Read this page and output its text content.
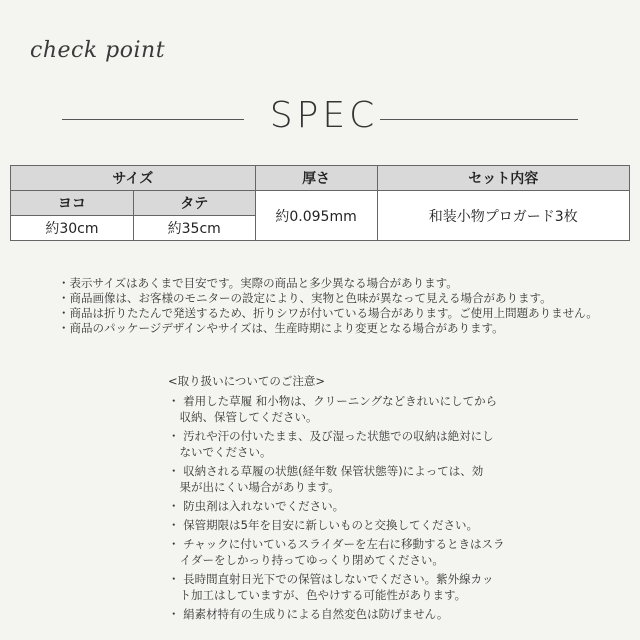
check point
SPEC
サイズ		厚さ	セット内容
ヨコ	タテ	約0.095mm	和装小物プロガード3枚
約30cm	約35cm		
・表示サイズはあくまで目安です。実際の商品と多少異なる場合があります。
・商品画像は、お客様のモニターの設定により、実物と色味が異なって見える場合があります。
・商品は折りたたんで発送するため、折りシワが付いている場合があります。ご使用上問題ありません。
・商品のパッケージデザインやサイズは、生産時期により変更となる場合があります。
<取り扱いについてのご注意>
・ 着用した草履 和小物は、クリーニングなどきれいにしてから
　収納、保管してください。
・ 汚れや汗の付いたまま、及び湿った状態での収納は絶対にし
　ないでください。
・ 収納される草履の状態(経年数 保管状態等)によっては、効
　果が出にくい場合があります。
・ 防虫剤は入れないでください。
・ 保管期限は5年を目安に新しいものと交換してください。
・ チャックに付いているスライダーを左右に移動するときはスラ
　イダーをしかっり持ってゆっくり閉めてください。
・ 長時間直射日光下での保管はしないでください。紫外線カッ
　ト加工はしていますが、色やけする可能性があります。
・ 絹素材特有の生成りによる自然変色は防げません。
